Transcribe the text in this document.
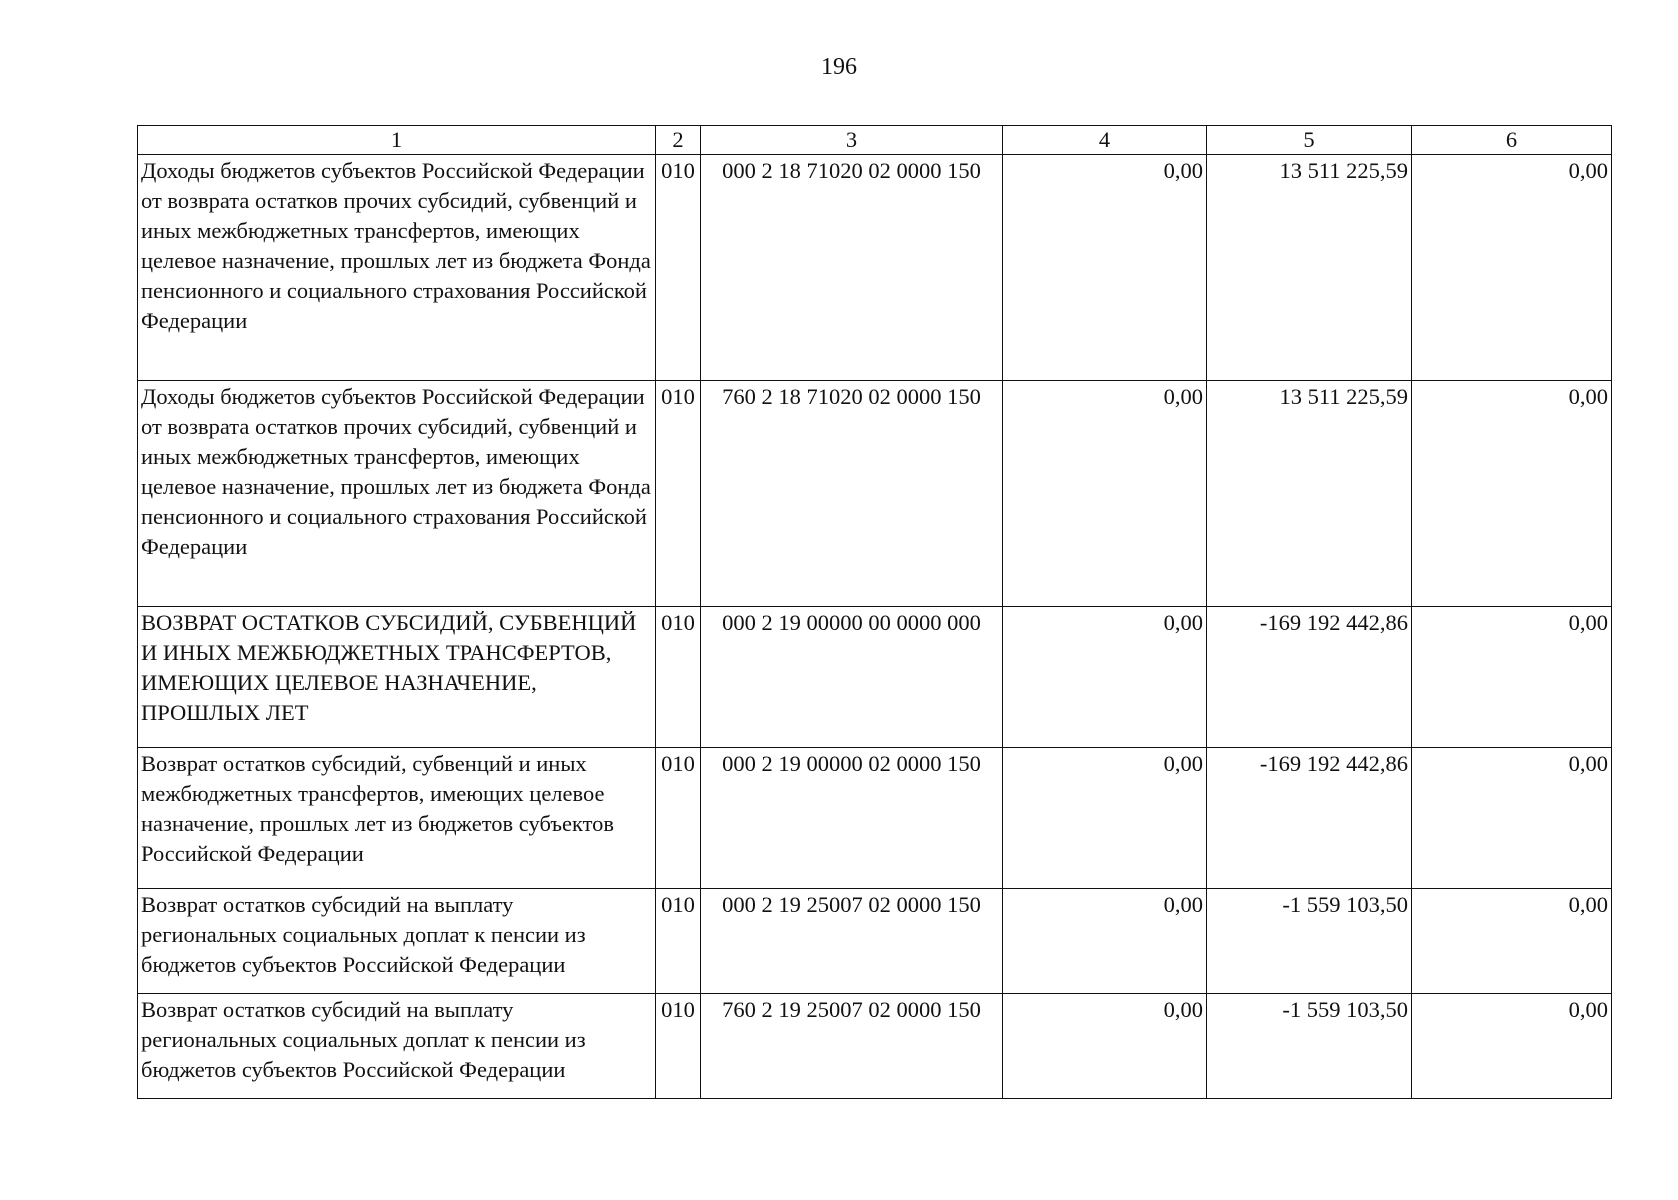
196
1	2	3	4	5	6
Доходы бюджетов субъектов Российской Федерации от возврата остатков прочих субсидий, субвенций и иных межбюджетных трансфертов, имеющих целевое назначение, прошлых лет из бюджета Фонда пенсионного и социального страхования Российской Федерации	010	000 2 18 71020 02 0000 150	0,00	13 511 225,59	0,00
Доходы бюджетов субъектов Российской Федерации от возврата остатков прочих субсидий, субвенций и иных межбюджетных трансфертов, имеющих целевое назначение, прошлых лет из бюджета Фонда пенсионного и социального страхования Российской Федерации	010	760 2 18 71020 02 0000 150	0,00	13 511 225,59	0,00
ВОЗВРАТ ОСТАТКОВ СУБСИДИЙ, СУБВЕНЦИЙ И ИНЫХ МЕЖБЮДЖЕТНЫХ ТРАНСФЕРТОВ, ИМЕЮЩИХ ЦЕЛЕВОЕ НАЗНАЧЕНИЕ, ПРОШЛЫХ ЛЕТ	010	000 2 19 00000 00 0000 000	0,00	-169 192 442,86	0,00
Возврат остатков субсидий, субвенций и иных межбюджетных трансфертов, имеющих целевое назначение, прошлых лет из бюджетов субъектов Российской Федерации	010	000 2 19 00000 02 0000 150	0,00	-169 192 442,86	0,00
Возврат остатков субсидий на выплату региональных социальных доплат к пенсии из бюджетов субъектов Российской Федерации	010	000 2 19 25007 02 0000 150	0,00	-1 559 103,50	0,00
Возврат остатков субсидий на выплату региональных социальных доплат к пенсии из бюджетов субъектов Российской Федерации	010	760 2 19 25007 02 0000 150	0,00	-1 559 103,50	0,00
